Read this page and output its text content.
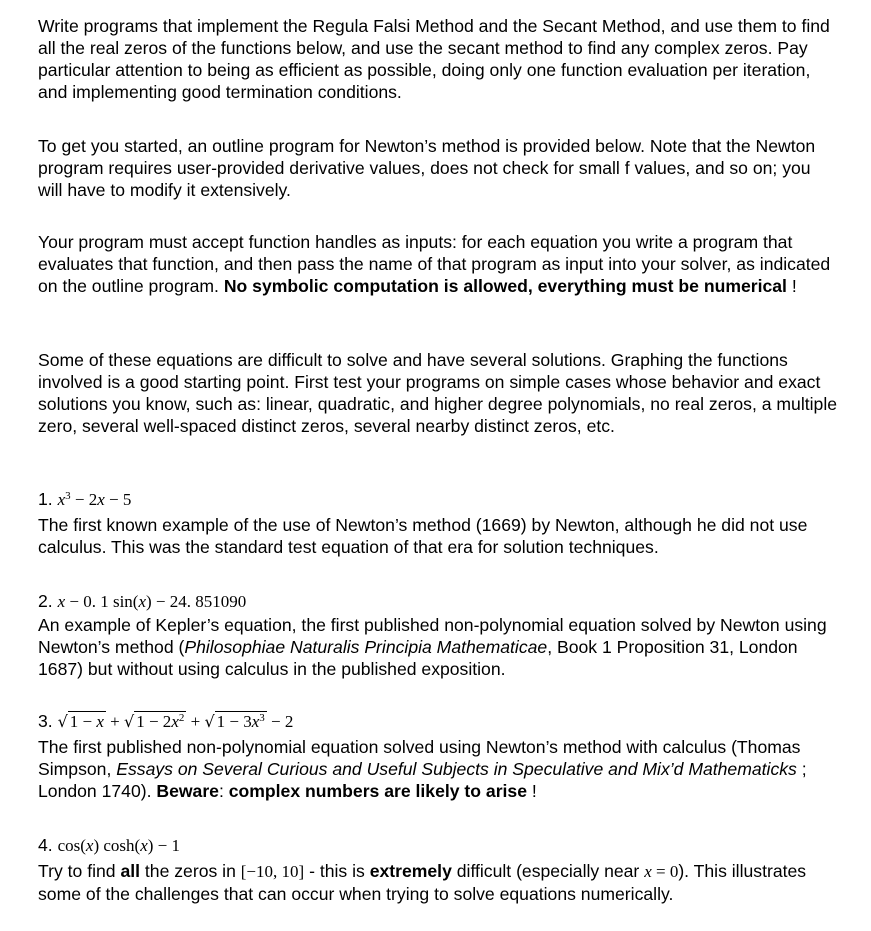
Write programs that implement the Regula Falsi Method and the Secant Method, and use them to find all the real zeros of the functions below, and use the secant method to find any complex zeros. Pay particular attention to being as efficient as possible, doing only one function evaluation per iteration, and implementing good termination conditions.

To get you started, an outline program for Newton’s method is provided below. Note that the Newton program requires user-provided derivative values, does not check for small f values, and so on; you will have to modify it extensively.

Your program must accept function handles as inputs: for each equation you write a program that evaluates that function, and then pass the name of that program as input into your solver, as indicated on the outline program. No symbolic computation is allowed, everything must be numerical !

Some of these equations are difficult to solve and have several solutions. Graphing the functions involved is a good starting point. First test your programs on simple cases whose behavior and exact solutions you know, such as: linear, quadratic, and higher degree polynomials, no real zeros, a multiple zero, several well-spaced distinct zeros, several nearby distinct zeros, etc.

1. $x^3 - 2x - 5$

The first known example of the use of Newton’s method (1669) by Newton, although he did not use calculus. This was the standard test equation of that era for solution techniques.

2. x − 0. 1 sin(x) − 24. 851090

An example of Kepler’s equation, the first published non-polynomial equation solved by Newton using Newton’s method (Philosophiae Naturalis Principia Mathematicae, Book 1 Proposition 31, London 1687) but without using calculus in the published exposition.

3. √ 1 − x + √ $1 - 2x^2$ + √ $1 - 3x^3 - 2$

The first published non-polynomial equation solved using Newton’s method with calculus (Thomas Simpson, Essays on Several Curious and Useful Subjects in Speculative and Mix’d Mathematicks ; London 1740). Beware: complex numbers are likely to arise !

4. cos(x) cosh(x) − 1

Try to find all the zeros in [−10, 10] - this is extremely difficult (especially near x = 0). This illustrates some of the challenges that can occur when trying to solve equations numerically.
